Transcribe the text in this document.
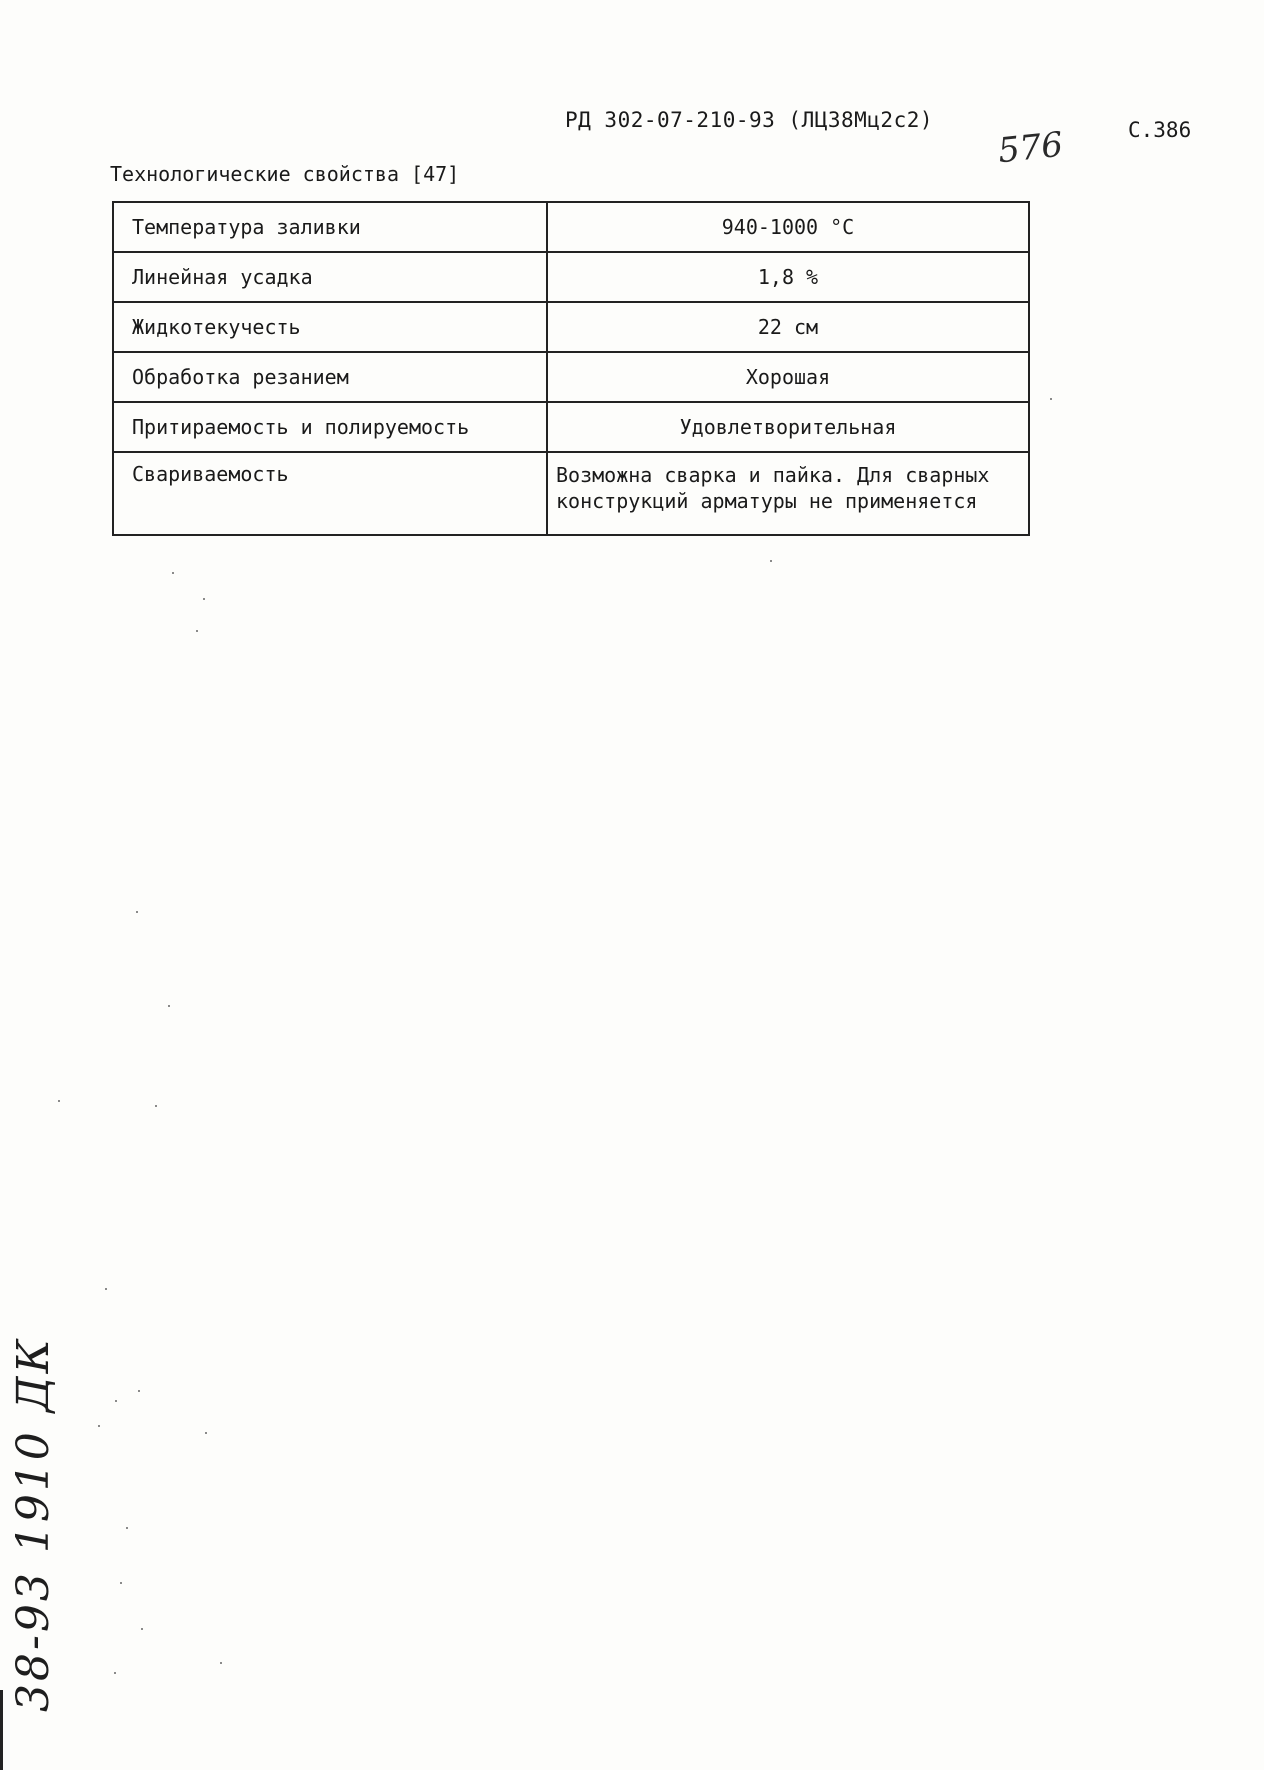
РД 302-07-210-93 (ЛЦ38Мц2с2)
576	С.386
Технологические свойства [47]
Температура заливки	940-1000 °С
Линейная усадка	1,8 %
Жидкотекучесть	22 см
Обработка резанием	Хорошая
Притираемость и полируемость	Удовлетворительная
Свариваемость	Возможна сварка и пайка. Для сварных
конструкций арматуры не применяется
38-93 1910 ДК
